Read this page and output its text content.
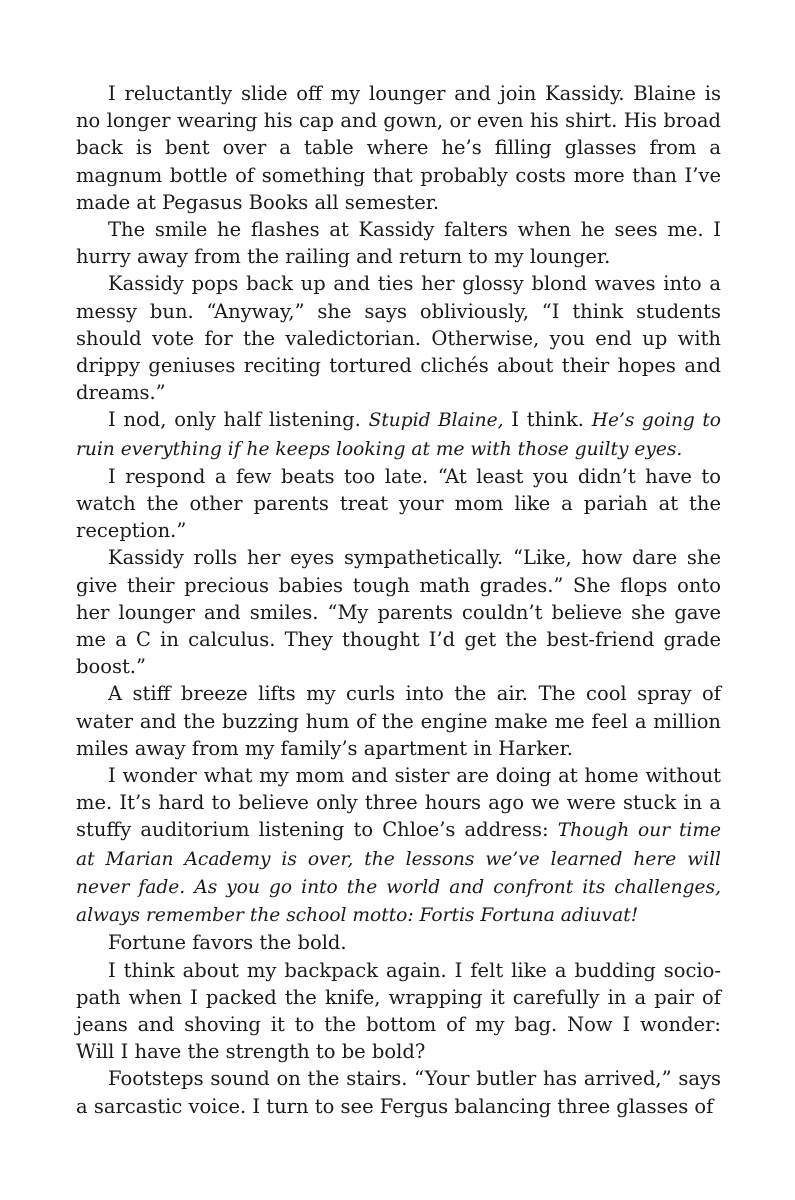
I reluctantly slide off my lounger and join Kassidy. Blaine is no longer wearing his cap and gown, or even his shirt. His broad back is bent over a table where he’s filling glasses from a magnum bottle of something that probably costs more than I’ve made at Pegasus Books all semester.

The smile he flashes at Kassidy falters when he sees me. I hurry away from the railing and return to my lounger.

Kassidy pops back up and ties her glossy blond waves into a messy bun. “Anyway,” she says obliviously, “I think students should vote for the valedictorian. Otherwise, you end up with drippy geniuses reciting tortured clichés about their hopes and dreams.”

I nod, only half listening. Stupid Blaine, I think. He’s going to ruin everything if he keeps looking at me with those guilty eyes.

I respond a few beats too late. “At least you didn’t have to watch the other parents treat your mom like a pariah at the reception.”

Kassidy rolls her eyes sympathetically. “Like, how dare she give their precious babies tough math grades.” She flops onto her lounger and smiles. “My parents couldn’t believe she gave me a C in calculus. They thought I’d get the best-friend grade boost.”

A stiff breeze lifts my curls into the air. The cool spray of water and the buzzing hum of the engine make me feel a million miles away from my family’s apartment in Harker.

I wonder what my mom and sister are doing at home without me. It’s hard to believe only three hours ago we were stuck in a stuffy auditorium listening to Chloe’s address: Though our time at Marian Academy is over, the lessons we’ve learned here will never fade. As you go into the world and confront its challenges, always remember the school motto: Fortis Fortuna adiuvat!

Fortune favors the bold.

I think about my backpack again. I felt like a budding socio-path when I packed the knife, wrapping it carefully in a pair of jeans and shoving it to the bottom of my bag. Now I wonder: Will I have the strength to be bold?

Footsteps sound on the stairs. “Your butler has arrived,” says a sarcastic voice. I turn to see Fergus balancing three glasses of
